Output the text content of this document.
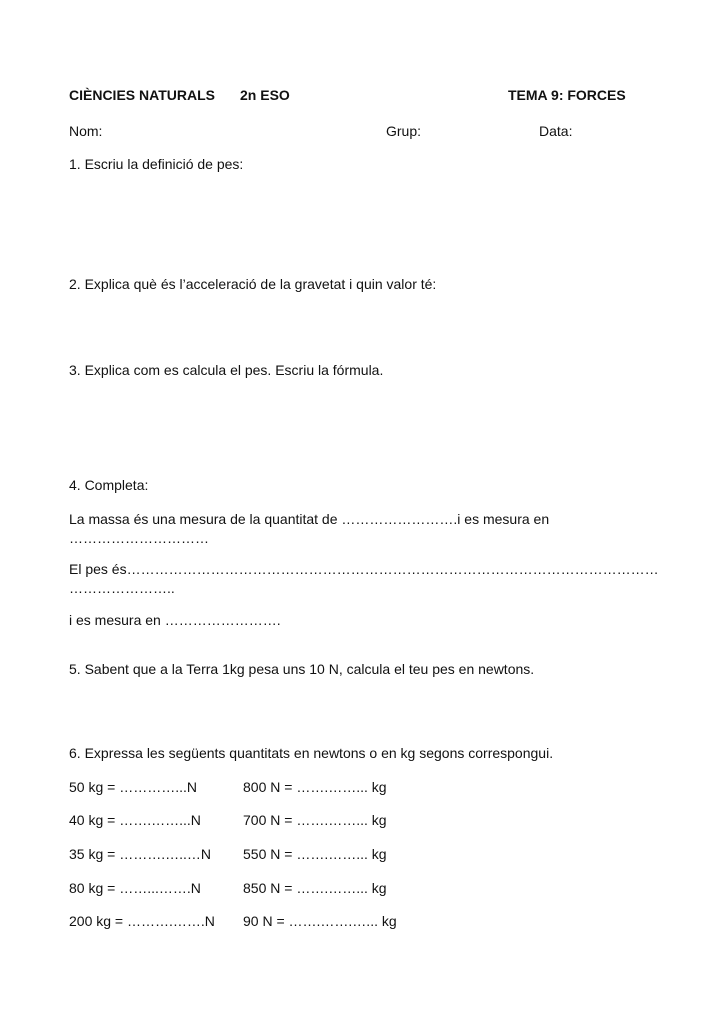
CIÈNCIES NATURALS 2n ESO	TEMA 9: FORCES
Nom:	Grup:	Data:
1. Escriu la definició de pes:
2. Explica què és l’acceleració de la gravetat i quin valor té:
3. Explica com es calcula el pes. Escriu la fórmula.
4. Completa:
La massa és una mesura de la quantitat de …………………….i es mesura en
…………………………
El pes és……………………………………………………………………………………………………
…………………..
i es mesura en …………………….
5. Sabent que a la Terra 1kg pesa uns 10 N, calcula el teu pes en newtons.
6. Expressa les següents quantitats en newtons o en kg segons correspongui.
50 kg = …………...N	800 N = …….……... kg
40 kg = …….……...N	700 N = …….……... kg
35 kg = ……….…..…N 550 N = …….……... kg
80 kg = ……...…….N	850 N = …….……... kg
200 kg = ……….…….N 90 N = …….…….…... kg
